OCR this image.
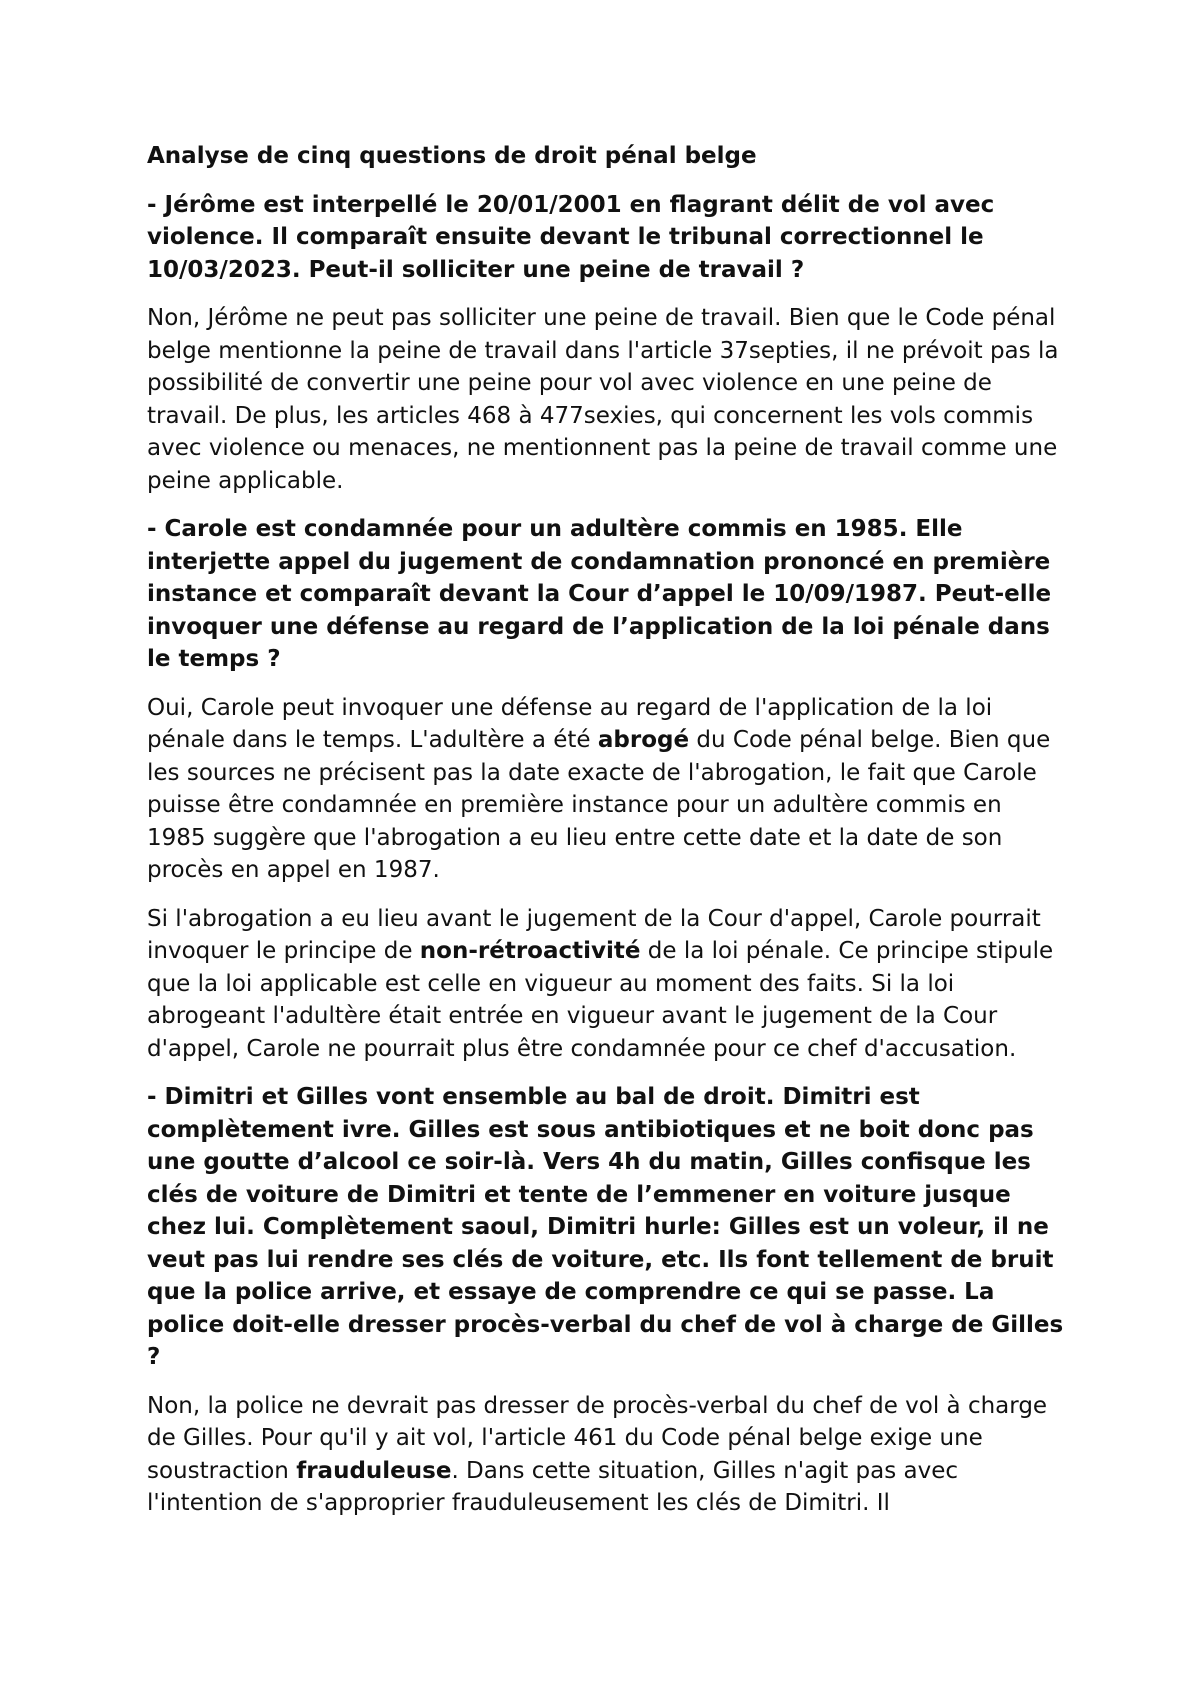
Analyse de cinq questions de droit pénal belge

- Jérôme est interpellé le 20/01/2001 en flagrant délit de vol avec violence. Il comparaît ensuite devant le tribunal correctionnel le 10/03/2023. Peut-il solliciter une peine de travail ?

Non, Jérôme ne peut pas solliciter une peine de travail. Bien que le Code pénal belge mentionne la peine de travail dans l'article 37septies, il ne prévoit pas la possibilité de convertir une peine pour vol avec violence en une peine de travail. De plus, les articles 468 à 477sexies, qui concernent les vols commis avec violence ou menaces, ne mentionnent pas la peine de travail comme une peine applicable.

- Carole est condamnée pour un adultère commis en 1985. Elle interjette appel du jugement de condamnation prononcé en première instance et comparaît devant la Cour d’appel le 10/09/1987. Peut-elle invoquer une défense au regard de l’application de la loi pénale dans le temps ?

Oui, Carole peut invoquer une défense au regard de l'application de la loi pénale dans le temps. L'adultère a été abrogé du Code pénal belge. Bien que les sources ne précisent pas la date exacte de l'abrogation, le fait que Carole puisse être condamnée en première instance pour un adultère commis en 1985 suggère que l'abrogation a eu lieu entre cette date et la date de son procès en appel en 1987.

Si l'abrogation a eu lieu avant le jugement de la Cour d'appel, Carole pourrait invoquer le principe de non-rétroactivité de la loi pénale. Ce principe stipule que la loi applicable est celle en vigueur au moment des faits. Si la loi abrogeant l'adultère était entrée en vigueur avant le jugement de la Cour d'appel, Carole ne pourrait plus être condamnée pour ce chef d'accusation.

- Dimitri et Gilles vont ensemble au bal de droit. Dimitri est complètement ivre. Gilles est sous antibiotiques et ne boit donc pas une goutte d’alcool ce soir-là. Vers 4h du matin, Gilles confisque les clés de voiture de Dimitri et tente de l’emmener en voiture jusque chez lui. Complètement saoul, Dimitri hurle: Gilles est un voleur, il ne veut pas lui rendre ses clés de voiture, etc. Ils font tellement de bruit que la police arrive, et essaye de comprendre ce qui se passe. La police doit-elle dresser procès-verbal du chef de vol à charge de Gilles ?

Non, la police ne devrait pas dresser de procès-verbal du chef de vol à charge de Gilles. Pour qu'il y ait vol, l'article 461 du Code pénal belge exige une soustraction frauduleuse. Dans cette situation, Gilles n'agit pas avec l'intention de s'approprier frauduleusement les clés de Dimitri. Il
